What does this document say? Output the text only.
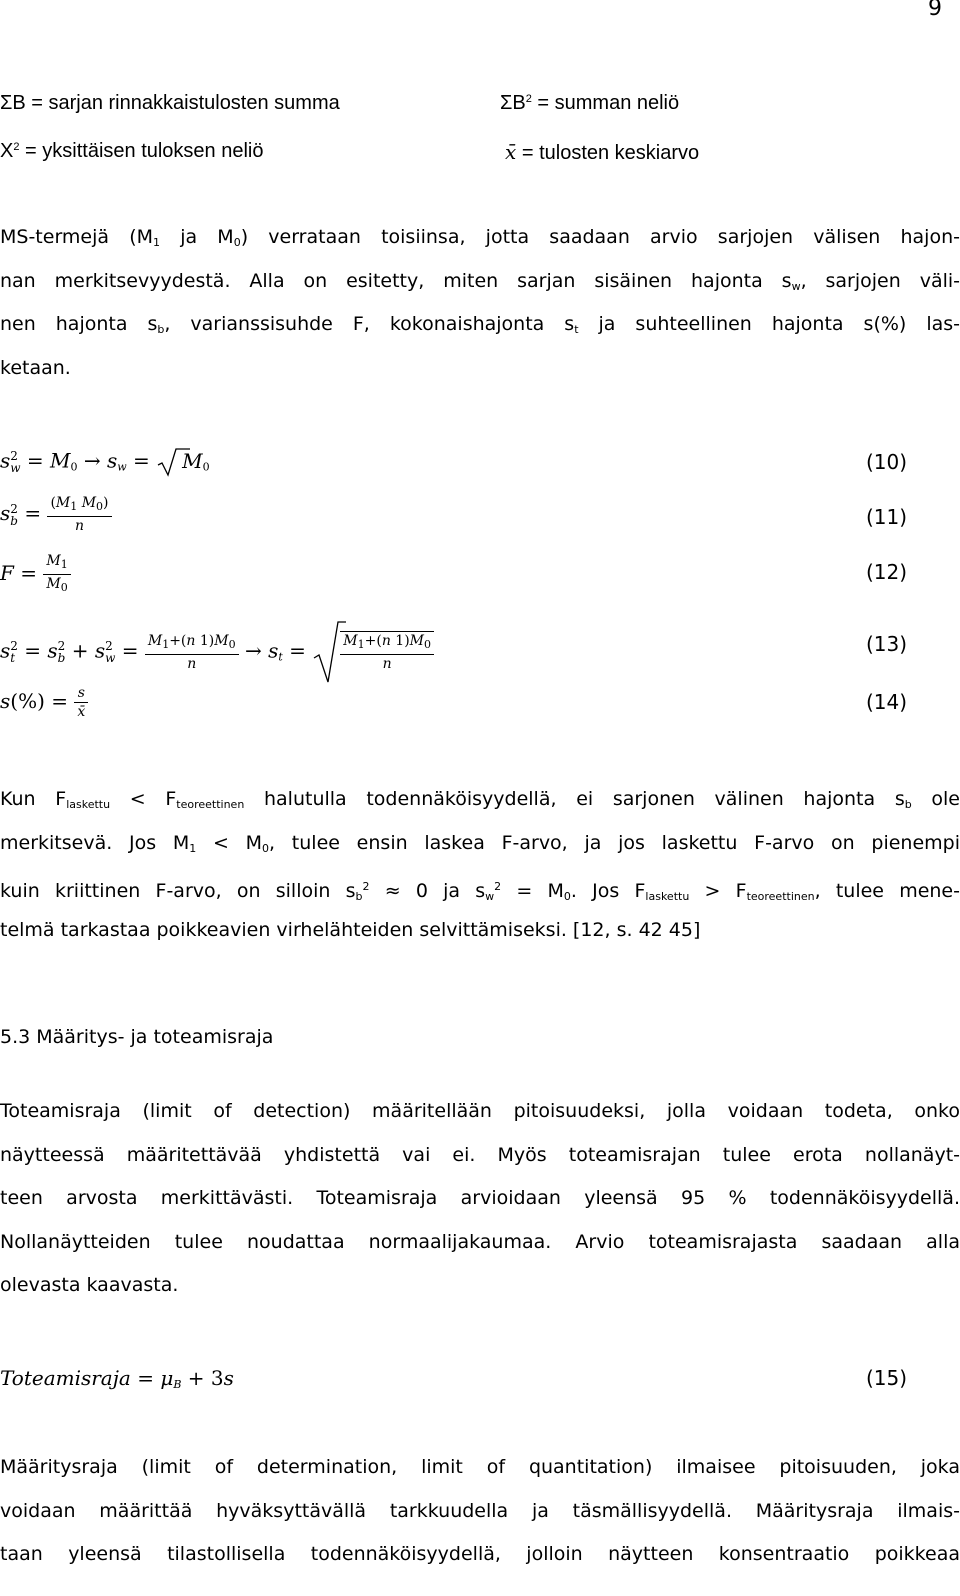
9
ΣB = sarjan rinnakkaistulosten summa	$\Sigma B^2$ = summan neliö
$X^2$ = yksittäisen tuloksen neliö	x̄ = tulosten keskiarvo
MS-termejä ($M_1$ ja $M_0$) verrataan toisiinsa, jotta saadaan arvio sarjojen välisen hajon-
nan merkitsevyydestä. Alla on esitetty, miten sarjan sisäinen hajonta $s_w$, sarjojen väli-
nen hajonta $s_b$, varianssisuhde F, kokonaishajonta $s_t$ ja suhteellinen hajonta s(%) las-
ketaan.
s 2
$w = M_0 \to s_w = M_0$	(10)
s 2
$b = \frac{(M_1 M_0)}{n}$	(11)
$F = \frac{M_1}{M_0}$	(12)
s 2
t = s 2
b + s 2
$w = \frac{M_1+(n 1)M_0}{n} \to s_t = \frac{M_1+(n 1)M_0}{n}$	(13)
$s(\%) = \frac{s}{x̄}$	(14)
Kun $F_{laskettu} < F_{teoreettinen}$ halutulla todennäköisyydellä, ei sarjonen välinen hajonta $s_b$ ole
merkitsevä. Jos $M_1 < M_0$, tulee ensin laskea F-arvo, ja jos laskettu F-arvo on pienempi
kuin kriittinen F-arvo, on silloin $s_b^2 \approx 0$ ja $s_w^2 = M_0$. Jos $F_{laskettu} > F_{teoreettinen}$, tulee mene-
telmä tarkastaa poikkeavien virhelähteiden selvittämiseksi. [12, s. 42 45]
5.3 Määritys- ja toteamisraja
Toteamisraja (limit of detection) määritellään pitoisuudeksi, jolla voidaan todeta, onko
näytteessä määritettävää yhdistettä vai ei. Myös toteamisrajan tulee erota nollanäyt-
teen arvosta merkittävästi. Toteamisraja arvioidaan yleensä 95 % todennäköisyydellä.
Nollanäytteiden tulee noudattaa normaalijakaumaa. Arvio toteamisrajasta saadaan alla
olevasta kaavasta.
Toteamisraja = $\mu_B + 3s$	(15)
Määritysraja (limit of determination, limit of quantitation) ilmaisee pitoisuuden, joka
voidaan määrittää hyväksyttävällä tarkkuudella ja täsmällisyydellä. Määritysraja ilmais-
taan yleensä tilastollisella todennäköisyydellä, jolloin näytteen konsentraatio poikkeaa
